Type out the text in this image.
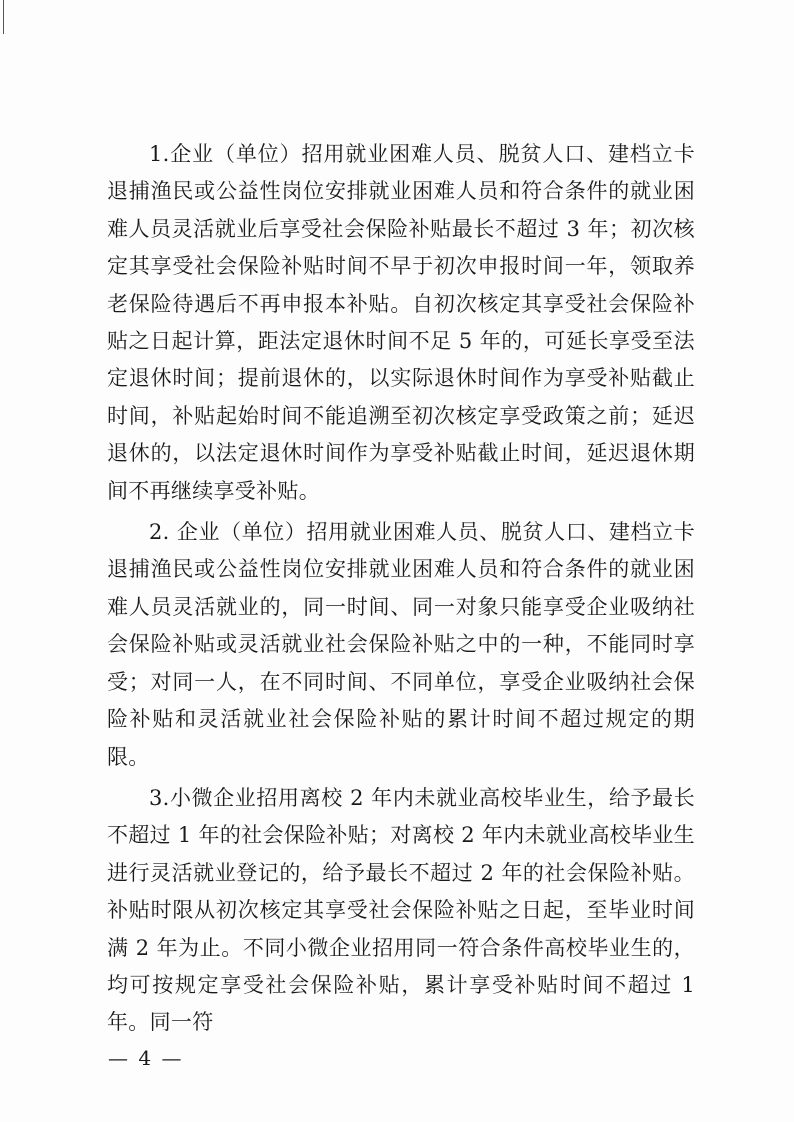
1.企业（单位）招用就业困难人员、脱贫人口、建档立卡退捕渔民或公益性岗位安排就业困难人员和符合条件的就业困难人员灵活就业后享受社会保险补贴最长不超过 3 年；初次核定其享受社会保险补贴时间不早于初次申报时间一年，领取养老保险待遇后不再申报本补贴。自初次核定其享受社会保险补贴之日起计算，距法定退休时间不足 5 年的，可延长享受至法定退休时间；提前退休的，以实际退休时间作为享受补贴截止时间，补贴起始时间不能追溯至初次核定享受政策之前；延迟退休的，以法定退休时间作为享受补贴截止时间，延迟退休期间不再继续享受补贴。

2. 企业（单位）招用就业困难人员、脱贫人口、建档立卡退捕渔民或公益性岗位安排就业困难人员和符合条件的就业困难人员灵活就业的，同一时间、同一对象只能享受企业吸纳社会保险补贴或灵活就业社会保险补贴之中的一种，不能同时享受；对同一人，在不同时间、不同单位，享受企业吸纳社会保险补贴和灵活就业社会保险补贴的累计时间不超过规定的期限。

3.小微企业招用离校 2 年内未就业高校毕业生，给予最长不超过 1 年的社会保险补贴；对离校 2 年内未就业高校毕业生进行灵活就业登记的，给予最长不超过 2 年的社会保险补贴。补贴时限从初次核定其享受社会保险补贴之日起，至毕业时间满 2 年为止。不同小微企业招用同一符合条件高校毕业生的，均可按规定享受社会保险补贴，累计享受补贴时间不超过 1 年。同一符

— 4 —
